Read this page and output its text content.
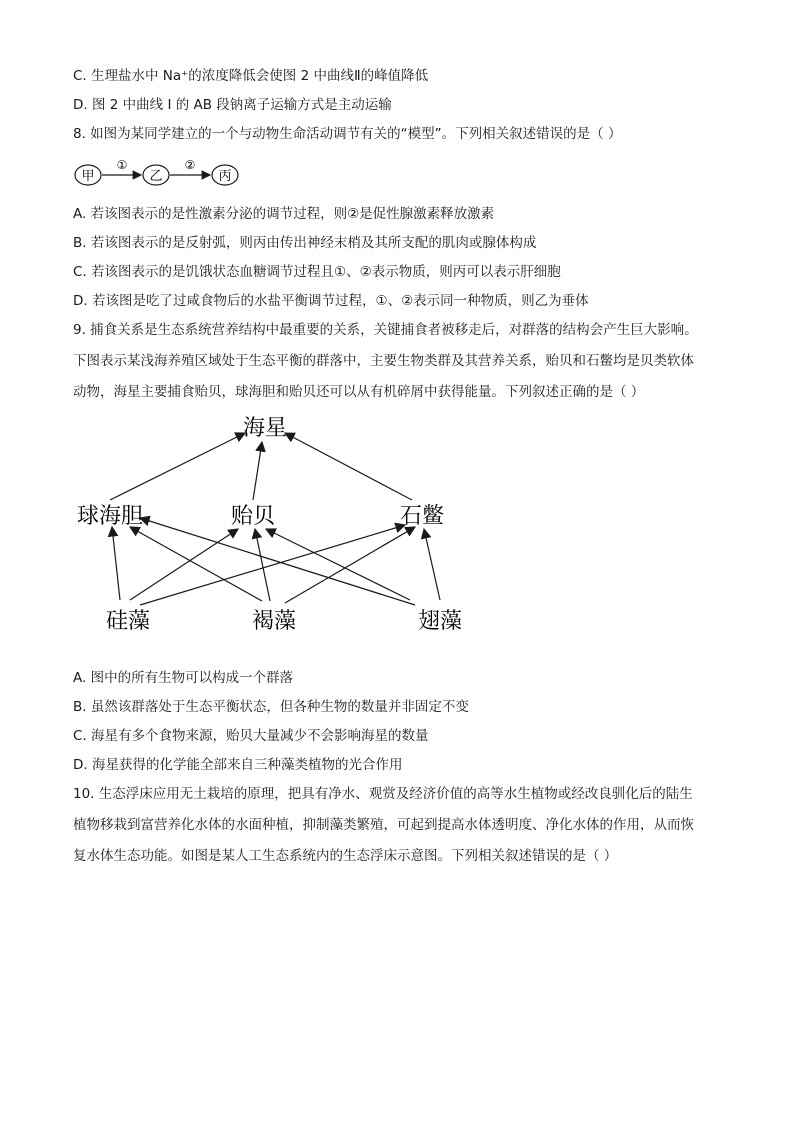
C. 生理盐水中 Na⁺的浓度降低会使图 2 中曲线Ⅱ的峰值降低
D. 图 2 中曲线 I 的 AB 段钠离子运输方式是主动运输
8. 如图为某同学建立的一个与动物生命活动调节有关的“模型”。下列相关叙述错误的是（ ）
甲
①
乙
②
丙
A. 若该图表示的是性激素分泌的调节过程，则②是促性腺激素释放激素
B. 若该图表示的是反射弧，则丙由传出神经末梢及其所支配的肌肉或腺体构成
C. 若该图表示的是饥饿状态血糖调节过程且①、②表示物质，则丙可以表示肝细胞
D. 若该图是吃了过咸食物后的水盐平衡调节过程，①、②表示同一种物质，则乙为垂体
9. 捕食关系是生态系统营养结构中最重要的关系，关键捕食者被移走后，对群落的结构会产生巨大影响。
下图表示某浅海养殖区域处于生态平衡的群落中，主要生物类群及其营养关系，贻贝和石鳖均是贝类软体
动物，海星主要捕食贻贝，球海胆和贻贝还可以从有机碎屑中获得能量。下列叙述正确的是（ ）
海星
球海胆	贻贝	石鳖
硅藻	褐藻	翅藻
A. 图中的所有生物可以构成一个群落
B. 虽然该群落处于生态平衡状态，但各种生物的数量并非固定不变
C. 海星有多个食物来源，贻贝大量减少不会影响海星的数量
D. 海星获得的化学能全部来自三种藻类植物的光合作用
10. 生态浮床应用无土栽培的原理，把具有净水、观赏及经济价值的高等水生植物或经改良驯化后的陆生
植物移栽到富营养化水体的水面种植，抑制藻类繁殖，可起到提高水体透明度、净化水体的作用，从而恢
复水体生态功能。如图是某人工生态系统内的生态浮床示意图。下列相关叙述错误的是（ ）
